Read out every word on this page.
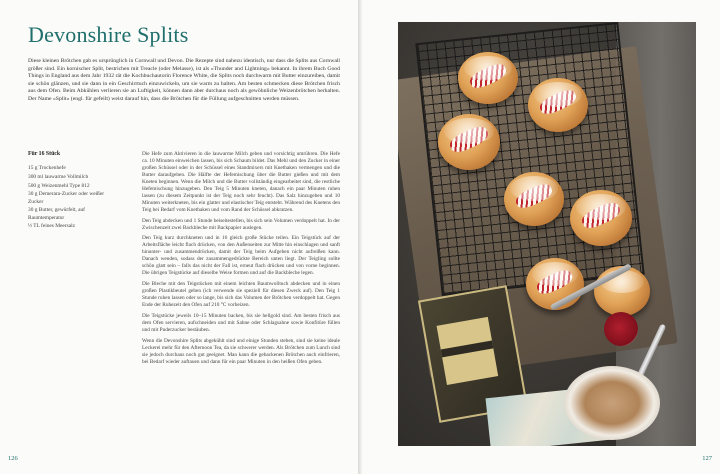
Devonshire Splits
Diese kleinen Brötchen gab es ursprünglich in Cornwall und Devon. Die Rezepte sind nahezu identisch, nur dass die Splits aus Cornwall größer sind. Ein kornischer Split, bestrichen mit Treacle (oder Melasse), ist als »Thunder and Lightning« bekannt. In ihrem Buch Good Things in England aus dem Jahr 1932 rät die Kochbuchautorin Florence White, die Splits noch durchwarm mit Butter einzureiben, damit sie schön glänzen, und sie dann in ein Geschirrtuch einzuwickeln, um sie warm zu halten. Am besten schmecken diese Brötchen frisch aus dem Ofen. Beim Abkühlen verlieren sie an Luftigkeit, können dann aber durchaus noch als gewöhnliche Weizenbrötchen herhalten. Der Name »Split« (engl. für gefeilt) weist darauf hin, dass die Brötchen für die Füllung aufgeschnitten werden müssen.
Für 16 Stück
15 g Trockenhefe
300 ml lauwarme Vollmilch
500 g Weizenmehl Type 812
30 g Demerara-Zucker oder weißer Zucker
30 g Butter, gewürfelt, auf Raumtemperatur
½ TL feines Meersalz

Die Hefe zum Aktivieren in die lauwarme Milch geben und vorsichtig umrühren. Die Hefe ca. 10 Minuten einweichen lassen, bis sich Schaum bildet. Das Mehl und den Zucker in einer großen Schüssel oder in der Schüssel eines Standmixers mit Knethaken vermengen und die Butter daraufgeben. Die Hälfte der Hefemischung über die Butter gießen und mit dem Kneten beginnen. Wenn die Milch und die Butter vollständig eingearbeitet sind, die restliche Hefemischung hinzugeben. Den Teig 5 Minuten kneten, danach ein paar Minuten ruhen lassen (zu diesem Zeitpunkt ist der Teig noch sehr feucht). Das Salz hinzugeben und 10 Minuten weiterkneten, bis ein glatter und elastischer Teig entsteht. Während des Knetens den Teig bei Bedarf vom Knethaken und vom Rand der Schüssel abkratzen.

Den Teig abdecken und 1 Stunde beiseitestellen, bis sich sein Volumen verdoppelt hat. In der Zwischenzeit zwei Backbleche mit Backpapier auslegen.

Den Teig kurz durchkneten und in 16 gleich große Stücke teilen. Ein Teigstück auf der Arbeitsfläche leicht flach drücken, von den Außenseiten zur Mitte hin einschlagen und sanft hinunter- und zusammendrücken, damit der Teig beim Aufgehen nicht aufreißen kann. Danach wenden, sodass der zusammengedrückte Bereich unten liegt. Der Teigling sollte schön glatt sein – falls das nicht der Fall ist, erneut flach drücken und von vorne beginnen. Die übrigen Teigstücke auf dieselbe Weise formen und auf die Backbleche legen.

Die Bleche mit den Teigstücken mit einem leichten Baumwolltuch abdecken und in einen großen Plastikbeutel geben (ich verwende sie speziell für diesen Zweck auf). Den Teig 1 Stunde ruhen lassen oder so lange, bis sich das Volumen der Brötchen verdoppelt hat. Gegen Ende der Ruhezeit den Ofen auf 210 °C vorheizen.

Die Teigstücke jeweils 10–15 Minuten backen, bis sie hellgold sind. Am besten frisch aus dem Ofen servieren, aufschneiden und mit Sahne oder Schlagsahne sowie Konfitüre füllen und mit Puderzucker bestäuben.

Wenn die Devonshire Splits abgekühlt sind und einige Stunden stehen, sind sie keine ideale Leckerei mehr für den Afternoon Tea, da sie schwerer werden. Als Brötchen zum Lunch sind sie jedoch durchaus noch gut geeignet. Man kann die gebackenen Brötchen auch einfrieren, bei Bedarf wieder auftauen und dann für ein paar Minuten in den heißen Ofen geben.

126	127
